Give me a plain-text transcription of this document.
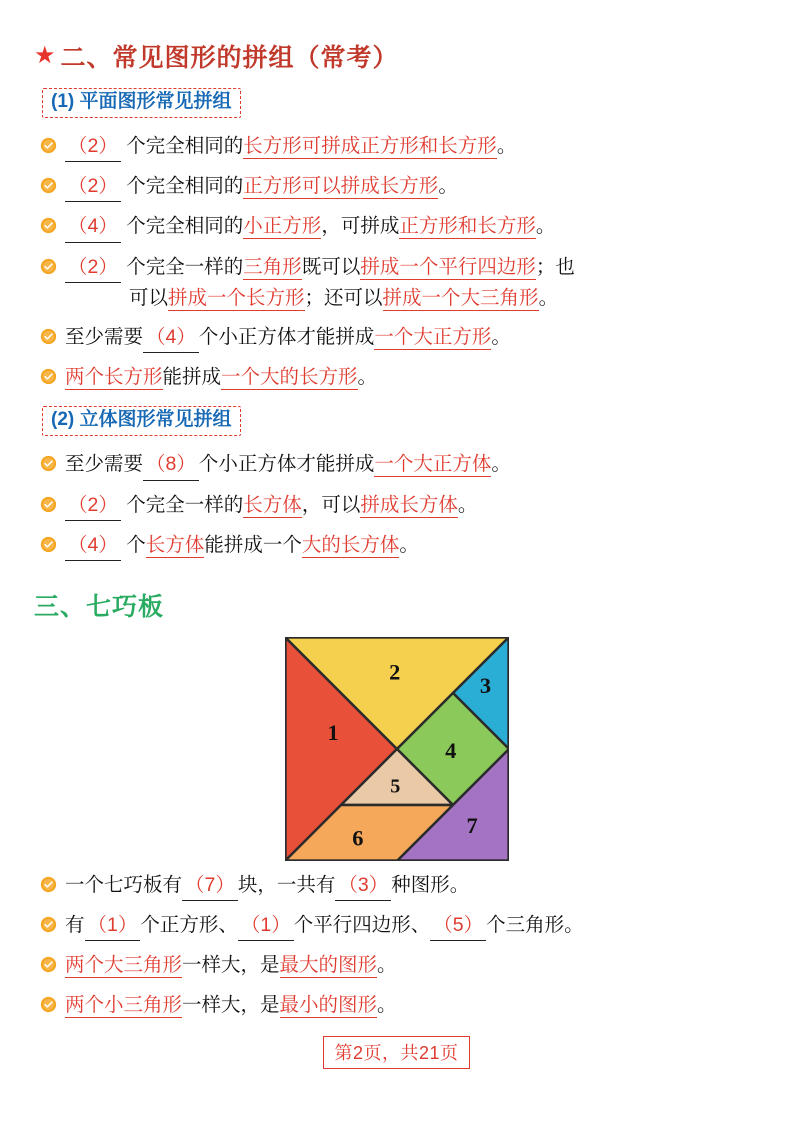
★ 二、常见图形的拼组（常考）
(1) 平面图形常见拼组
（2） 个完全相同的长方形可拼成正方形和长方形。
（2） 个完全相同的正方形可以拼成长方形。
（4） 个完全相同的小正方形，可拼成正方形和长方形。
（2） 个完全一样的三角形既可以拼成一个平行四边形；也
可以拼成一个长方形；还可以拼成一个大三角形。
至少需要 （4） 个小正方体才能拼成一个大正方形。
两个长方形能拼成一个大的长方形。
(2) 立体图形常见拼组
至少需要 （8） 个小正方体才能拼成一个大正方体。
（2） 个完全一样的长方体，可以拼成长方体。
（4） 个长方体能拼成一个大的长方体。
三、七巧板
1
2
3
4
5
6	7
一个七巧板有 （7） 块，一共有 （3） 种图形。
有 （1） 个正方形、 （1） 个平行四边形、 （5） 个三角形。
两个大三角形一样大，是最大的图形。
两个小三角形一样大，是最小的图形。
第2页，共21页
